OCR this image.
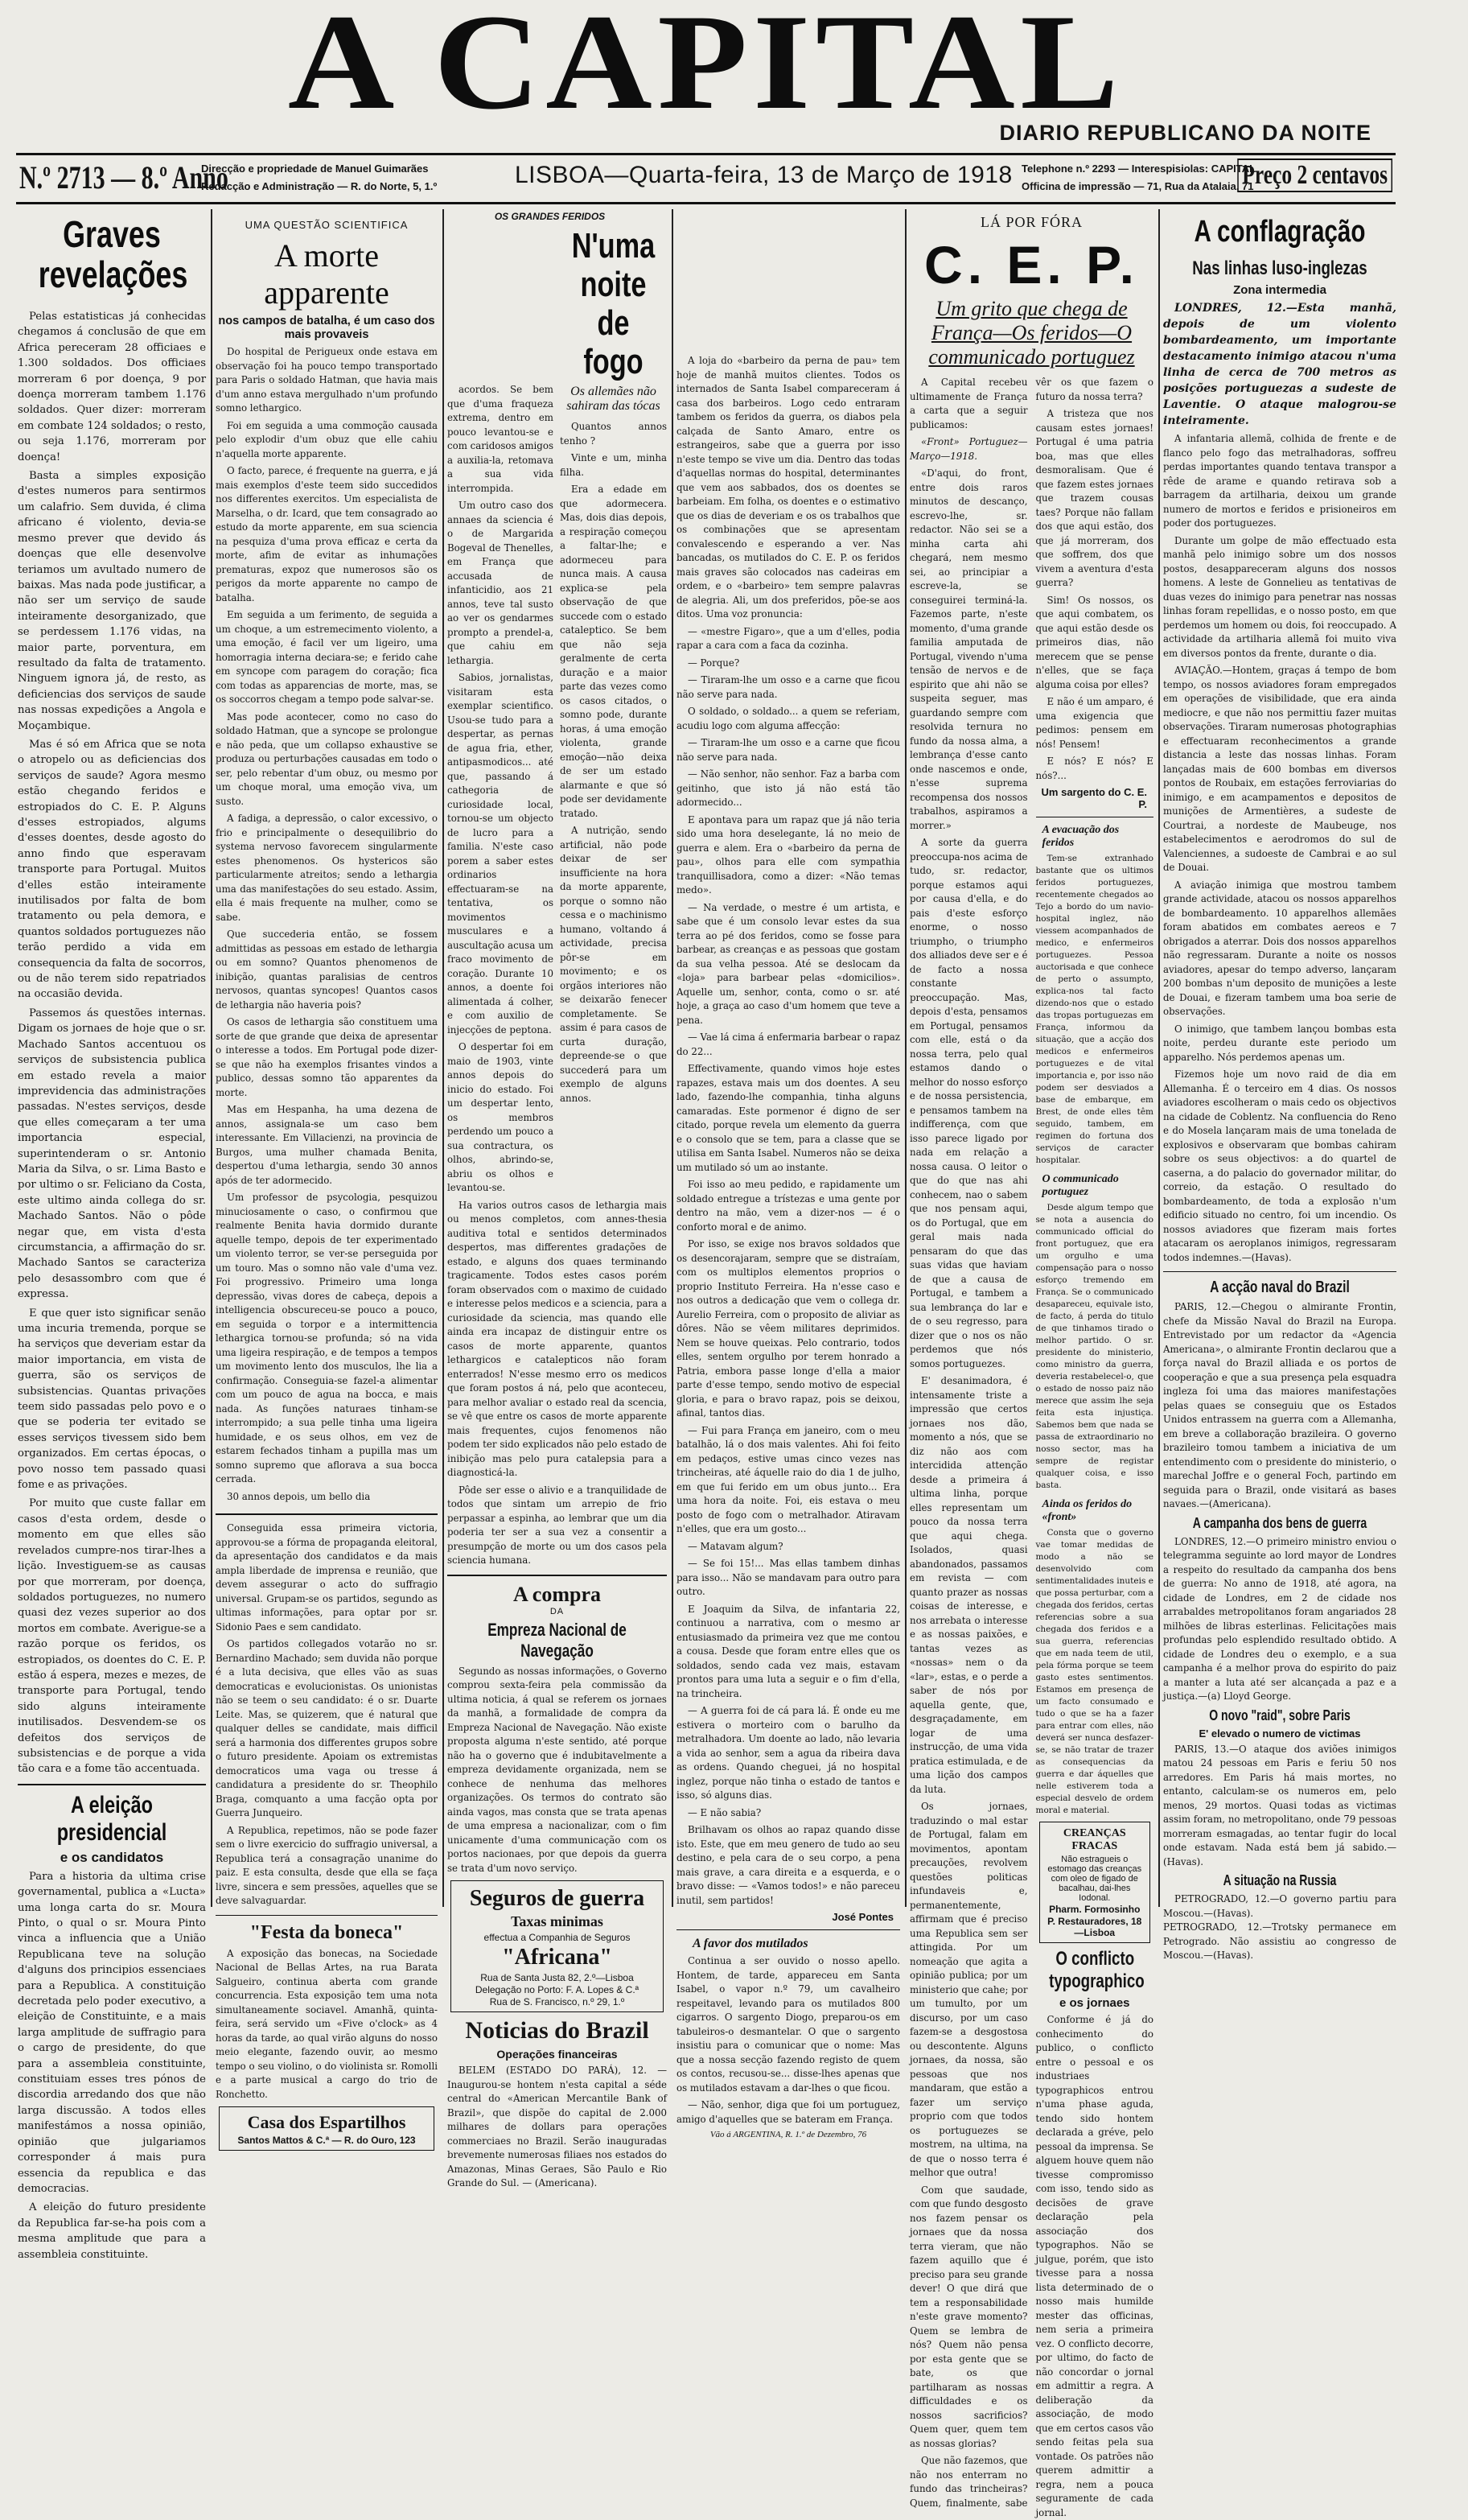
A CAPITAL
DIARIO REPUBLICANO DA NOITE
N.º 2713 — 8.º Anno
Direcção e propriedade de Manuel Guimarães
Redacção e Administração — R. do Norte, 5, 1.º	LISBOA—Quarta-feira, 13 de Março de 1918 Telephone n.º 2293 — Interespisiolas: CAPITAL
Officina de impressão — 71, Rua da Atalaia, 71
Preço 2 centavos
Graves revelações

Pelas estatisticas já conhecidas chegamos á conclusão de que em Africa pereceram 28 officiaes e 1.300 soldados. Dos officiaes morreram 6 por doença, 9 por doença morreram tambem 1.176 soldados. Quer dizer: morreram em combate 124 soldados; o resto, ou seja 1.176, morreram por doença!

Basta a simples exposição d'estes numeros para sentirmos um calafrio. Sem duvida, é clima africano é violento, devia-se mesmo prever que devido ás doenças que elle desenvolve teriamos um avultado numero de baixas. Mas nada pode justificar, a não ser um serviço de saude inteiramente desorganizado, que se perdessem 1.176 vidas, na maior parte, porventura, em resultado da falta de tratamento. Ninguem ignora já, de resto, as deficiencias dos serviços de saude nas nossas expedições a Angola e Moçambique.

Mas é só em Africa que se nota o atropelo ou as deficiencias dos serviços de saude? Agora mesmo estão chegando feridos e estropiados do C. E. P. Alguns d'esses estropiados, algums d'esses doentes, desde agosto do anno findo que esperavam transporte para Portugal. Muitos d'elles estão inteiramente inutilisados por falta de bom tratamento ou pela demora, e quantos soldados portuguezes não terão perdido a vida em consequencia da falta de socorros, ou de não terem sido repatriados na occasião devida.

Passemos ás questões internas. Digam os jornaes de hoje que o sr. Machado Santos accentuou os serviços de subsistencia publica em estado revela a maior imprevidencia das administrações passadas. N'estes serviços, desde que elles começaram a ter uma importancia especial, superintenderam o sr. Antonio Maria da Silva, o sr. Lima Basto e por ultimo o sr. Feliciano da Costa, este ultimo ainda collega do sr. Machado Santos. Não o pôde negar que, em vista d'esta circumstancia, a affirmação do sr. Machado Santos se caracteriza pelo desassombro com que é expressa.

E que quer isto significar senão uma incuria tremenda, porque se ha serviços que deveriam estar da maior importancia, em vista de guerra, são os serviços de subsistencias. Quantas privações teem sido passadas pelo povo e o que se poderia ter evitado se esses serviços tivessem sido bem organizados. Em certas épocas, o povo nosso tem passado quasi fome e as privações.

Por muito que custe fallar em casos d'esta ordem, desde o momento em que elles são revelados cumpre-nos tirar-lhes a lição. Investiguem-se as causas por que morreram, por doença, soldados portuguezes, no numero quasi dez vezes superior ao dos mortos em combate. Averigue-se a razão porque os feridos, os estropiados, os doentes do C. E. P. estão á espera, mezes e mezes, de transporte para Portugal, tendo sido alguns inteiramente inutilisados. Desvendem-se os defeitos dos serviços de subsistencias e de porque a vida tão cara e a fome tão accentuada.

A eleição presidencial
e os candidatos

Para a historia da ultima crise governamental, publica a «Lucta» uma longa carta do sr. Moura Pinto, o qual o sr. Moura Pinto vinca a influencia que a União Republicana teve na solução d'alguns dos principios essenciaes para a Republica. A constituição decretada pelo poder executivo, a eleição de Constituinte, e a mais larga amplitude de suffragio para o cargo de presidente, do que para a assembleia constituinte, constituiam esses tres pónos de discordia arredando dos que não larga discussão. A todos elles manifestámos a nossa opinião, opinião que julgariamos corresponder á mais pura essencia da republica e das democracias.

A eleição do futuro presidente da Republica far-se-ha pois com a mesma amplitude que para a assembleia constituinte.

UMA QUESTÃO SCIENTIFICA
A morte apparente
nos campos de batalha, é um caso dos mais provaveis

Do hospital de Perigueux onde estava em observação foi ha pouco tempo transportado para Paris o soldado Hatman, que havia mais d'um anno estava mergulhado n'um profundo somno lethargico.

Foi em seguida a uma commoção causada pelo explodir d'um obuz que elle cahiu n'aquella morte apparente.

O facto, parece, é frequente na guerra, e já mais exemplos d'este teem sido succedidos nos differentes exercitos. Um especialista de Marselha, o dr. Icard, que tem consagrado ao estudo da morte apparente, em sua sciencia na pesquiza d'uma prova efficaz e certa da morte, afim de evitar as inhumações prematuras, expoz que numerosos são os perigos da morte apparente no campo de batalha.

Em seguida a um ferimento, de seguida a um choque, a um estremecimento violento, a uma emoção, é facil ver um ligeiro, uma homorragia interna deciara-se; e ferido cahe em syncope com paragem do coração; fica com todas as apparencias de morte, mas, se os soccorros chegam a tempo pode salvar-se.

Mas pode acontecer, como no caso do soldado Hatman, que a syncope se prolongue e não peda, que um collapso exhaustive se produza ou perturbações causadas em todo o ser, pelo rebentar d'um obuz, ou mesmo por um choque moral, uma emoção viva, um susto.

A fadiga, a depressão, o calor excessivo, o frio e principalmente o desequilibrio do systema nervoso favorecem singularmente estes phenomenos. Os hystericos são particularmente atreitos; sendo a lethargia uma das manifestações do seu estado. Assim, ella é mais frequente na mulher, como se sabe.

Que succederia então, se fossem admittidas as pessoas em estado de lethargia ou em somno? Quantos phenomenos de inibição, quantas paralisias de centros nervosos, quantas syncopes! Quantos casos de lethargia não haveria pois?

Os casos de lethargia são constituem uma sorte de que grande que deixa de apresentar o interesse a todos. Em Portugal pode dizer-se que não ha exemplos frisantes vindos a publico, dessas somno tão apparentes da morte.

Mas em Hespanha, ha uma dezena de annos, assignala-se um caso bem interessante. Em Villacienzi, na provincia de Burgos, uma mulher chamada Benita, despertou d'uma lethargia, sendo 30 annos após de ter adormecido.

Um professor de psycologia, pesquizou minuciosamente o caso, o confirmou que realmente Benita havia dormido durante aquelle tempo, depois de ter experimentado um violento terror, se ver-se perseguida por um touro. Mas o somno não vale d'uma vez. Foi progressivo. Primeiro uma longa depressão, vivas dores de cabeça, depois a intelligencia obscureceu-se pouco a pouco, em seguida o torpor e a intermittencia lethargica tornou-se profunda; só na vida uma ligeira respiração, e de tempos a tempos um movimento lento dos musculos, lhe lia a confirmação. Conseguia-se fazel-a alimentar com um pouco de agua na bocca, e mais nada. As funções naturaes tinham-se interrompido; a sua pelle tinha uma ligeira humidade, e os seus olhos, em vez de estarem fechados tinham a pupilla mas um somno supremo que aflorava a sua bocca cerrada.

30 annos depois, um bello dia

Conseguida essa primeira victoria, approvou-se a fórma de propaganda eleitoral, da apresentação dos candidatos e da mais ampla liberdade de imprensa e reunião, que devem assegurar o acto do suffragio universal. Grupam-se os partidos, segundo as ultimas informações, para optar por sr. Sidonio Paes e sem candidato.

Os partidos collegados votarão no sr. Bernardino Machado; sem duvida não porque é a luta decisiva, que elles vão as suas democraticas e evolucionistas. Os unionistas não se teem o seu candidato: é o sr. Duarte Leite. Mas, se quizerem, que é natural que qualquer delles se candidate, mais difficil será a harmonia dos differentes grupos sobre o futuro presidente. Apoiam os extremistas democraticos uma vaga ou tresse á candidatura a presidente do sr. Theophilo Braga, comquanto a uma facção opta por Guerra Junqueiro.

A Republica, repetimos, não se pode fazer sem o livre exercicio do suffragio universal, a Republica terá a consagração unanime do paiz. E esta consulta, desde que ella se faça livre, sincera e sem pressões, aquelles que se deve salvaguardar.

"Festa da boneca"

A exposição das bonecas, na Sociedade Nacional de Bellas Artes, na rua Barata Salgueiro, continua aberta com grande concurrencia. Esta exposição tem uma nota simultaneamente sociavel. Amanhã, quinta-feira, será servido um «Five o'clock» as 4 horas da tarde, ao qual virão alguns do nosso meio elegante, fazendo ouvir, ao mesmo tempo o seu violino, o do violinista sr. Romolli e a parte musical a cargo do trio de Ronchetto.

Casa dos Espartilhos
Santos Mattos & C.ª — R. do Ouro, 123
OS GRANDES FERIDOS

acordos. Se bem que d'uma fraqueza extrema, dentro em pouco levantou-se e com caridosos amigos a auxilia-la, retomava a sua vida interrompida.

Um outro caso dos annaes da sciencia é o de Margarida Bogeval de Thenelles, em França que accusada de infanticidio, aos 21 annos, teve tal susto ao ver os gendarmes prompto a prendel-a, que cahiu em lethargia.

Sabios, jornalistas, visitaram esta exemplar scientifico. Usou-se tudo para a despertar, as pernas de agua fria, ether, antipasmodicos... até que, passando á cathegoria de curiosidade local, tornou-se um objecto de lucro para a familia. N'este caso porem a saber estes ordinarios effectuaram-se na tentativa, os movimentos musculares e a auscultação acusa um fraco movimento de coração. Durante 10 annos, a doente foi alimentada á colher, e com auxilio de injecções de peptona.

O despertar foi em maio de 1903, vinte annos depois do inicio do estado. Foi um despertar lento, os membros perdendo um pouco a sua contractura, os olhos, abrindo-se, abriu os olhos e levantou-se.

N'uma noite de fogo
Os allemães não sahiram das tócas

Quantos annos tenho ?

Vinte e um, minha filha.

Era a edade em que adormecera. Mas, dois dias depois, a respiração começou a faltar-lhe; e adormeceu para nunca mais. A causa explica-se pela observação de que succede com o estado cataleptico. Se bem que não seja geralmente de certa duração e a maior parte das vezes como os casos citados, o somno pode, durante horas, á uma emoção violenta, grande emoção—não deixa de ser um estado alarmante e que só pode ser devidamente tratado.

A nutrição, sendo artificial, não pode deixar de ser insufficiente na hora da morte apparente, porque o somno não cessa e o machinismo humano, voltando á actividade, precisa pôr-se em movimento; e os orgãos interiores não se deixarão fenecer completamente. Se assim é para casos de curta duração, depreende-se o que succederá para um exemplo de alguns annos.

Ha varios outros casos de lethargia mais ou menos completos, com annes-thesia auditiva total e sentidos determinados despertos, mas differentes gradações de estado, e alguns dos quaes terminando tragicamente. Todos estes casos porém foram observados com o maximo de cuidado e interesse pelos medicos e a sciencia, para a curiosidade da sciencia, mas quando elle ainda era incapaz de distinguir entre os casos de morte apparente, quantos lethargicos e catalepticos não foram enterrados! N'esse mesmo erro os medicos que foram postos á ná, pelo que aconteceu, para melhor avaliar o estado real da scencia, se vê que entre os casos de morte apparente mais frequentes, cujos fenomenos não podem ter sido explicados não pelo estado de inibição mas pelo pura catalepsia para a diagnosticá-la.

Pôde ser esse o alivio e a tranquilidade de todos que sintam um arrepio de frio perpassar a espinha, ao lembrar que um dia poderia ter ser a sua vez a consentir a presumpção de morte ou um dos casos pela sciencia humana.

A compra
DA
Empreza Nacional de Navegação

Segundo as nossas informações, o Governo comprou sexta-feira pela commissão da ultima noticia, á qual se referem os jornaes da manhã, a formalidade de compra da Empreza Nacional de Navegação. Não existe proposta alguma n'este sentido, até porque não ha o governo que é indubitavelmente a empreza devidamente organizada, nem se conhece de nenhuma das melhores organizações. Os termos do contrato são ainda vagos, mas consta que se trata apenas de uma empresa a nacionalizar, com o fim unicamente d'uma communicação com os portos nacionaes, por que depois da guerra se trata d'um novo serviço.

Seguros de guerra
Taxas minimas
effectua a Companhia de Seguros
"Africana"
Rua de Santa Justa 82, 2.º—Lisboa
Delegação no Porto: F. A. Lopes & C.ª
Rua de S. Francisco, n.º 29, 1.º
Noticias do Brazil
Operações financeiras

BELEM (ESTADO DO PARÁ), 12. — Inaugurou-se hontem n'esta capital a séde central do «American Mercantile Bank of Brazil», que dispõe do capital de 2.000 milhares de dollars para operações commerciaes no Brazil. Serão inauguradas brevemente numerosas filiaes nos estados do Amazonas, Minas Geraes, São Paulo e Rio Grande do Sul. — (Americana).

A loja do «barbeiro da perna de pau» tem hoje de manhã muitos clientes. Todos os internados de Santa Isabel compareceram á casa dos barbeiros. Logo cedo entraram tambem os feridos da guerra, os diabos pela calçada de Santo Amaro, entre os estrangeiros, sabe que a guerra por isso n'este tempo se vive um dia. Dentro das todas d'aquellas normas do hospital, determinantes que vem aos sabbados, dos os doentes se barbeiam. Em folha, os doentes e o estimativo que os dias de deveriam e os os trabalhos que os combinações que se apresentam convalescendo e esperando a ver. Nas bancadas, os mutilados do C. E. P. os feridos mais graves são colocados nas cadeiras em ordem, e o «barbeiro» tem sempre palavras de alegria. Ali, um dos preferidos, põe-se aos ditos. Uma voz pronuncia:

— «mestre Figaro», que a um d'elles, podia rapar a cara com a faca da cozinha.

— Porque?

— Tiraram-lhe um osso e a carne que ficou não serve para nada.

O soldado, o soldado... a quem se referiam, acudiu logo com alguma affecção:

— Tiraram-lhe um osso e a carne que ficou não serve para nada.

— Não senhor, não senhor. Faz a barba com geitinho, que isto já não está tão adormecido...

E apontava para um rapaz que já não teria sido uma hora deselegante, lá no meio de guerra e alem. Era o «barbeiro da perna de pau», olhos para elle com sympathia tranquillisadora, como a dizer: «Não temas medo».

— Na verdade, o mestre é um artista, e sabe que é um consolo levar estes da sua terra ao pé dos feridos, como se fosse para barbear, as creanças e as pessoas que gostam da sua velha pessoa. Até se deslocam da «loja» para barbear pelas «domicilios». Aquelle um, senhor, conta, como o sr. até hoje, a graça ao caso d'um homem que teve a pena.

— Vae lá cima á enfermaria barbear o rapaz do 22...

Effectivamente, quando vimos hoje estes rapazes, estava mais um dos doentes. A seu lado, fazendo-lhe companhia, tinha alguns camaradas. Este pormenor é digno de ser citado, porque revela um elemento da guerra e o consolo que se tem, para a classe que se utilisa em Santa Isabel. Numeros não se deixa um mutilado só um ao instante.

Foi isso ao meu pedido, e rapidamente um soldado entregue a trístezas e uma gente por dentro na mão, vem a dizer-nos — é o conforto moral e de animo.

Por isso, se exige nos bravos soldados que os desencorajaram, sempre que se distraíam, com os multiplos elementos proprios o proprio Instituto Ferreira. Ha n'esse caso e nos outros a dedicação que vem o collega dr. Aurelio Ferreira, com o proposito de aliviar as dôres. Não se vêem militares deprimidos. Nem se houve queixas. Pelo contrario, todos elles, sentem orgulho por terem honrado a Patria, embora passe longe d'ella a maior parte d'esse tempo, sendo motivo de especial gloria, e para o bravo rapaz, pois se deixou, afinal, tantos dias.

— Fui para França em janeiro, com o meu batalhão, lá o dos mais valentes. Ahi foi feito em pedaços, estive umas cinco vezes nas trincheiras, até áquelle raio do dia 1 de julho, em que fui ferido em um obus junto... Era uma hora da noite. Foi, eis estava o meu posto de fogo com o metralhador. Atiravam n'elles, que era um gosto...

— Matavam algum?

— Se foi 15!... Mas ellas tambem dinhas para isso... Não se mandavam para outro para outro.

E Joaquim da Silva, de infantaria 22, continuou a narrativa, com o mesmo ar entusiasmado da primeira vez que me contou a cousa. Desde que foram entre elles que os soldados, sendo cada vez mais, estavam prontos para uma luta a seguir e o fim d'ella, na trincheira.

— A guerra foi de cá para lá. É onde eu me estivera o morteiro com o barulho da metralhadora. Um doente ao lado, não levaria a vida ao senhor, sem a agua da ribeira dava as ordens. Quando cheguei, já no hospital inglez, porque não tinha o estado de tantos e isso, só alguns dias.

— E não sabia?

Brilhavam os olhos ao rapaz quando disse isto. Este, que em meu genero de tudo ao seu destino, e pela cara de o seu corpo, a pena mais grave, a cara direita e a esquerda, e o bravo disse: — «Vamos todos!» e não pareceu inutil, sem partidos!

José Pontes
A favor dos mutilados

Continua a ser ouvido o nosso apello. Hontem, de tarde, appareceu em Santa Isabel, o vapor n.º 79, um cavalheiro respeitavel, levando para os mutilados 800 cigarros. O sargento Diogo, preparou-os em tabuleiros-o desmantelar. O que o sargento insistiu para o comunicar que o nome: Mas que a nossa secção fazendo registo de quem os contos, recusou-se... disse-lhes apenas que os mutilados estavam a dar-lhes o que ficou.

— Não, senhor, diga que foi um portuguez, amigo d'aquelles que se bateram em França.

Vão á ARGENTINA, R. 1.º de Dezembro, 76
LÁ POR FÓRA
C. E. P.
Um grito que chega de França—Os feridos—O communicado portuguez

A Capital recebeu ultimamente de França a carta que a seguir publicamos:

«Front» Portuguez—Março—1918.

«D'aqui, do front, entre dois raros minutos de descanço, escrevo-lhe, sr. redactor. Não sei se a minha carta ahi chegará, nem mesmo sei, ao principiar a escreve-la, se conseguirei terminá-la. Fazemos parte, n'este momento, d'uma grande familia amputada de Portugal, vivendo n'uma tensão de nervos e de espirito que ahi não se suspeita seguer, mas guardando sempre com resolvida ternura no fundo da nossa alma, a lembrança d'esse canto onde nascemos e onde, n'esse suprema recompensa dos nossos trabalhos, aspiramos a morrer.»

A sorte da guerra preoccupa-nos acima de tudo, sr. redactor, porque estamos aqui por causa d'ella, e do pais d'este esforço enorme, o nosso triumpho, o triumpho dos alliados deve ser e é de facto a nossa constante preoccupação. Mas, depois d'esta, pensamos em Portugal, pensamos com elle, está o da nossa terra, pelo qual estamos dando o melhor do nosso esforço e de nossa persistencia, e pensamos tambem na indifferença, com que isso parece ligado por nada em relação a nossa causa. O leitor o que do que nas ahi conhecem, nao o sabem que nos pensam aqui, os do Portugal, que em geral mais nada pensaram do que das suas vidas que haviam de que a causa de Portugal, e tambem a sua lembrança do lar e de o seu regresso, para dizer que o nos os não perdemos que nós somos portuguezes.

E' desanimadora, é intensamente triste a impressão que certos jornaes nos dão, momento a nós, que se diz não aos com intercidida attenção desde a primeira á ultima linha, porque elles representam um pouco da nossa terra que aqui chega. Isolados, quasi abandonados, passamos em revista — com quanto prazer as nossas coisas de interesse, e nos arrebata o interesse e as nossas paixões, e tantas vezes as «nossas» nem o da «lar», estas, e o perde a saber de nós por aquella gente, que, desgraçadamente, em logar de uma instrucção, de uma vida pratica estimulada, e de uma lição dos campos da luta.

Os jornaes, traduzindo o mal estar de Portugal, falam em movimentos, apontam precauções, revolvem questões politicas infundaveis e, permanentemente, affirmam que é preciso uma Republica sem ser attingida. Por um nomeação que agita a opinião publica; por um ministerio que cahe; por um tumulto, por um discurso, por um caso fazem-se a desgostosa ou descontente. Alguns jornaes, da nossa, são pessoas que nos mandaram, que estão a fazer um serviço proprio com que todos os portuguezes se mostrem, na ultima, na de que o nosso terra é melhor que outra!

Com que saudade, com que fundo desgosto nos fazem pensar os jornaes que da nossa terra vieram, que não fazem aquillo que é preciso para seu grande dever! O que dirá que tem a responsabilidade n'este grave momento? Quem se lembra de nós? Quem não pensa por esta gente que se bate, os que partilharam as nossas difficuldades e os nossos sacrificios? Quem quer, quem tem as nossas glorias?

Que não fazemos, que não nos enterram no fundo das trincheiras? Quem, finalmente, sabe vêr os que fazem o futuro da nossa terra?

A tristeza que nos causam estes jornaes! Portugal é uma patria boa, mas que elles desmoralisam. Que é que fazem estes jornaes que trazem cousas taes? Porque não fallam dos que aqui estão, dos que já morreram, dos que soffrem, dos que vivem a aventura d'esta guerra?

Sim! Os nossos, os que aqui combatem, os que aqui estão desde os primeiros dias, não merecem que se pense n'elles, que se faça alguma coisa por elles?

E não é um amparo, é uma exigencia que pedimos: pensem em nós! Pensem!

E nós? E nós? E nós?...

Um sargento do C. E. P.
A evacuação dos feridos

Tem-se extranhado bastante que os ultimos feridos portuguezes, recentemente chegados ao Tejo a bordo do um navio-hospital inglez, não viessem acompanhados de medico, e enfermeiros portuguezes. Pessoa auctorisada e que conhece de perto o assumpto, explica-nos tal facto dizendo-nos que o estado das tropas portuguezas em França, informou da situação, que a acção dos medicos e enfermeiros portuguezes e de vital importancia e, por isso não podem ser desviados a base de embarque, em Brest, de onde elles têm seguido, tambem, em regimen do fortuna dos serviços de caracter hospitalar.

O communicado portuguez

Desde algum tempo que se nota a ausencia do communicado official do front portuguez, que era um orgulho e uma compensação para o nosso esforço tremendo em França. Se o communicado desapareceu, equivale isto, de facto, á perda do titulo de que tinhamos tirado o melhor partido. O sr. presidente do ministerio, como ministro da guerra, deveria restabelecel-o, que o estado de nosso paiz não merece que assim lhe seja feita esta injustiça. Sabemos bem que nada se passa de extraordinario no nosso sector, mas ha sempre de registar qualquer coisa, e isso basta.

Ainda os feridos do «front»

Consta que o governo vae tomar medidas de modo a não se desenvolvido com sentimentalidades inuteis e que possa perturbar, com a chegada dos feridos, certas referencias sobre a sua chegada dos feridos e a sua guerra, referencias que em nada teem de util, pela fórma porque se teem gasto estes sentimentos. Estamos em presença de um facto consumado e tudo o que se ha a fazer para entrar com elles, não deverá ser nunca desfazer-se, se não tratar de trazer as consequencias da guerra e dar áquelles que nelle estiverem toda a especial desvelo de ordem moral e material.

CREANÇAS FRACAS
Não estragueis o estomago das creanças com oleo de figado de bacalhau, dai-lhes Iodonal.
Pharm. Formosinho
P. Restauradores, 18—Lisboa
O conflicto typographico
e os jornaes

Conforme é já do conhecimento do publico, o conflicto entre o pessoal e os industriaes typographicos entrou n'uma phase aguda, tendo sido hontem declarada a gréve, pelo pessoal da imprensa. Se alguem houve quem não tivesse compromisso com isso, tendo sido as decisões de grave declaração pela associação dos typographos. Não se julgue, porém, que isto tivesse para a nossa lista determinado de o nosso mais humilde mester das officinas, nem seria a primeira vez. O conflicto decorre, por ultimo, do facto de não concordar o jornal em admittir a regra. A deliberação da associação, de modo que em certos casos vão sendo feitas pela sua vontade. Os patrões não querem admittir a regra, nem a pouca seguramente de cada jornal.

A conflagração
Nas linhas luso-inglezas
Zona intermedia

LONDRES, 12.—Esta manhã, depois de um violento bombardeamento, um importante destacamento inimigo atacou n'uma linha de cerca de 700 metros as posições portuguezas a sudeste de Laventie. O ataque malogrou-se inteiramente.

A infantaria allemã, colhida de frente e de flanco pelo fogo das metralhadoras, soffreu perdas importantes quando tentava transpor a rêde de arame e quando retirava sob a barragem da artilharia, deixou um grande numero de mortos e feridos e prisioneiros em poder dos portuguezes.

Durante um golpe de mão effectuado esta manhã pelo inimigo sobre um dos nossos postos, desappareceram alguns dos nossos homens. A leste de Gonnelieu as tentativas de duas vezes do inimigo para penetrar nas nossas linhas foram repellidas, e o nosso posto, em que perdemos um homem ou dois, foi reoccupado. A actividade da artilharia allemã foi muito viva em diversos pontos da frente, durante o dia.

AVIAÇÃO.—Hontem, graças á tempo de bom tempo, os nossos aviadores foram empregados em operações de visibilidade, que era ainda mediocre, e que não nos permittiu fazer muitas observações. Tiraram numerosas photographias e effectuaram reconhecimentos a grande distancia a leste das nossas linhas. Foram lançadas mais de 600 bombas em diversos pontos de Roubaix, em estações ferroviarias do inimigo, e em acampamentos e depositos de munições de Armentières, a sudeste de Courtrai, a nordeste de Maubeuge, nos estabelecimentos e aerodromos do sul de Valenciennes, a sudoeste de Cambrai e ao sul de Douai.

A aviação inimiga que mostrou tambem grande actividade, atacou os nossos apparelhos de bombardeamento. 10 apparelhos allemães foram abatidos em combates aereos e 7 obrigados a aterrar. Dois dos nossos apparelhos não regressaram. Durante a noite os nossos aviadores, apesar do tempo adverso, lançaram 200 bombas n'um deposito de munições a leste de Douai, e fizeram tambem uma boa serie de observações.

O inimigo, que tambem lançou bombas esta noite, perdeu durante este periodo um apparelho. Nós perdemos apenas um.

Fizemos hoje um novo raid de dia em Allemanha. É o terceiro em 4 dias. Os nossos aviadores escolheram o mais cedo os objectivos na cidade de Coblentz. Na confluencia do Reno e do Mosela lançaram mais de uma tonelada de explosivos e observaram que bombas cahiram sobre os seus objectivos: a do quartel de caserna, a do palacio do governador militar, do correio, da estação. O resultado do bombardeamento, de toda a explosão n'um edificio situado no centro, foi um incendio. Os nossos aviadores que fizeram mais fortes atacaram os aeroplanos inimigos, regressaram todos indemnes.—(Havas).

A acção naval do Brazil

PARIS, 12.—Chegou o almirante Frontin, chefe da Missão Naval do Brazil na Europa. Entrevistado por um redactor da «Agencia Americana», o almirante Frontin declarou que a força naval do Brazil alliada e os portos de cooperação e que a sua presença pela esquadra ingleza foi uma das maiores manifestações pelas quaes se conseguiu que os Estados Unidos entrassem na guerra com a Allemanha, em breve a collaboração brazileira. O governo brazileiro tomou tambem a iniciativa de um entendimento com o presidente do ministerio, o marechal Joffre e o general Foch, partindo em seguida para o Brazil, onde visitará as bases navaes.—(Americana).

A campanha dos bens de guerra

LONDRES, 12.—O primeiro ministro enviou o telegramma seguinte ao lord mayor de Londres a respeito do resultado da campanha dos bens de guerra: No anno de 1918, até agora, na cidade de Londres, em 2 de cidade nos arrabaldes metropolitanos foram angariados 28 milhões de libras esterlinas. Felicitações mais profundas pelo esplendido resultado obtido. A cidade de Londres deu o exemplo, e a sua campanha é a melhor prova do espirito do paiz a manter a luta até ser alcançada a paz e a justiça.—(a) Lloyd George.

O novo "raid", sobre Paris
E' elevado o numero de victimas

PARIS, 13.—O ataque dos aviões inimigos matou 24 pessoas em Paris e feriu 50 nos arredores. Em Paris há mais mortes, no entanto, calculam-se os numeros em, pelo menos, 29 mortos. Quasi todas as victimas assim foram, no metropolitano, onde 79 pessoas morreram esmagadas, ao tentar fugir do local onde estavam. Nada está bem já sabido.—(Havas).

A situação na Russia

PETROGRADO, 12.—O governo partiu para Moscou.—(Havas).
PETROGRADO, 12.—Trotsky permanece em Petrogrado. Não assistiu ao congresso de Moscou.—(Havas).
